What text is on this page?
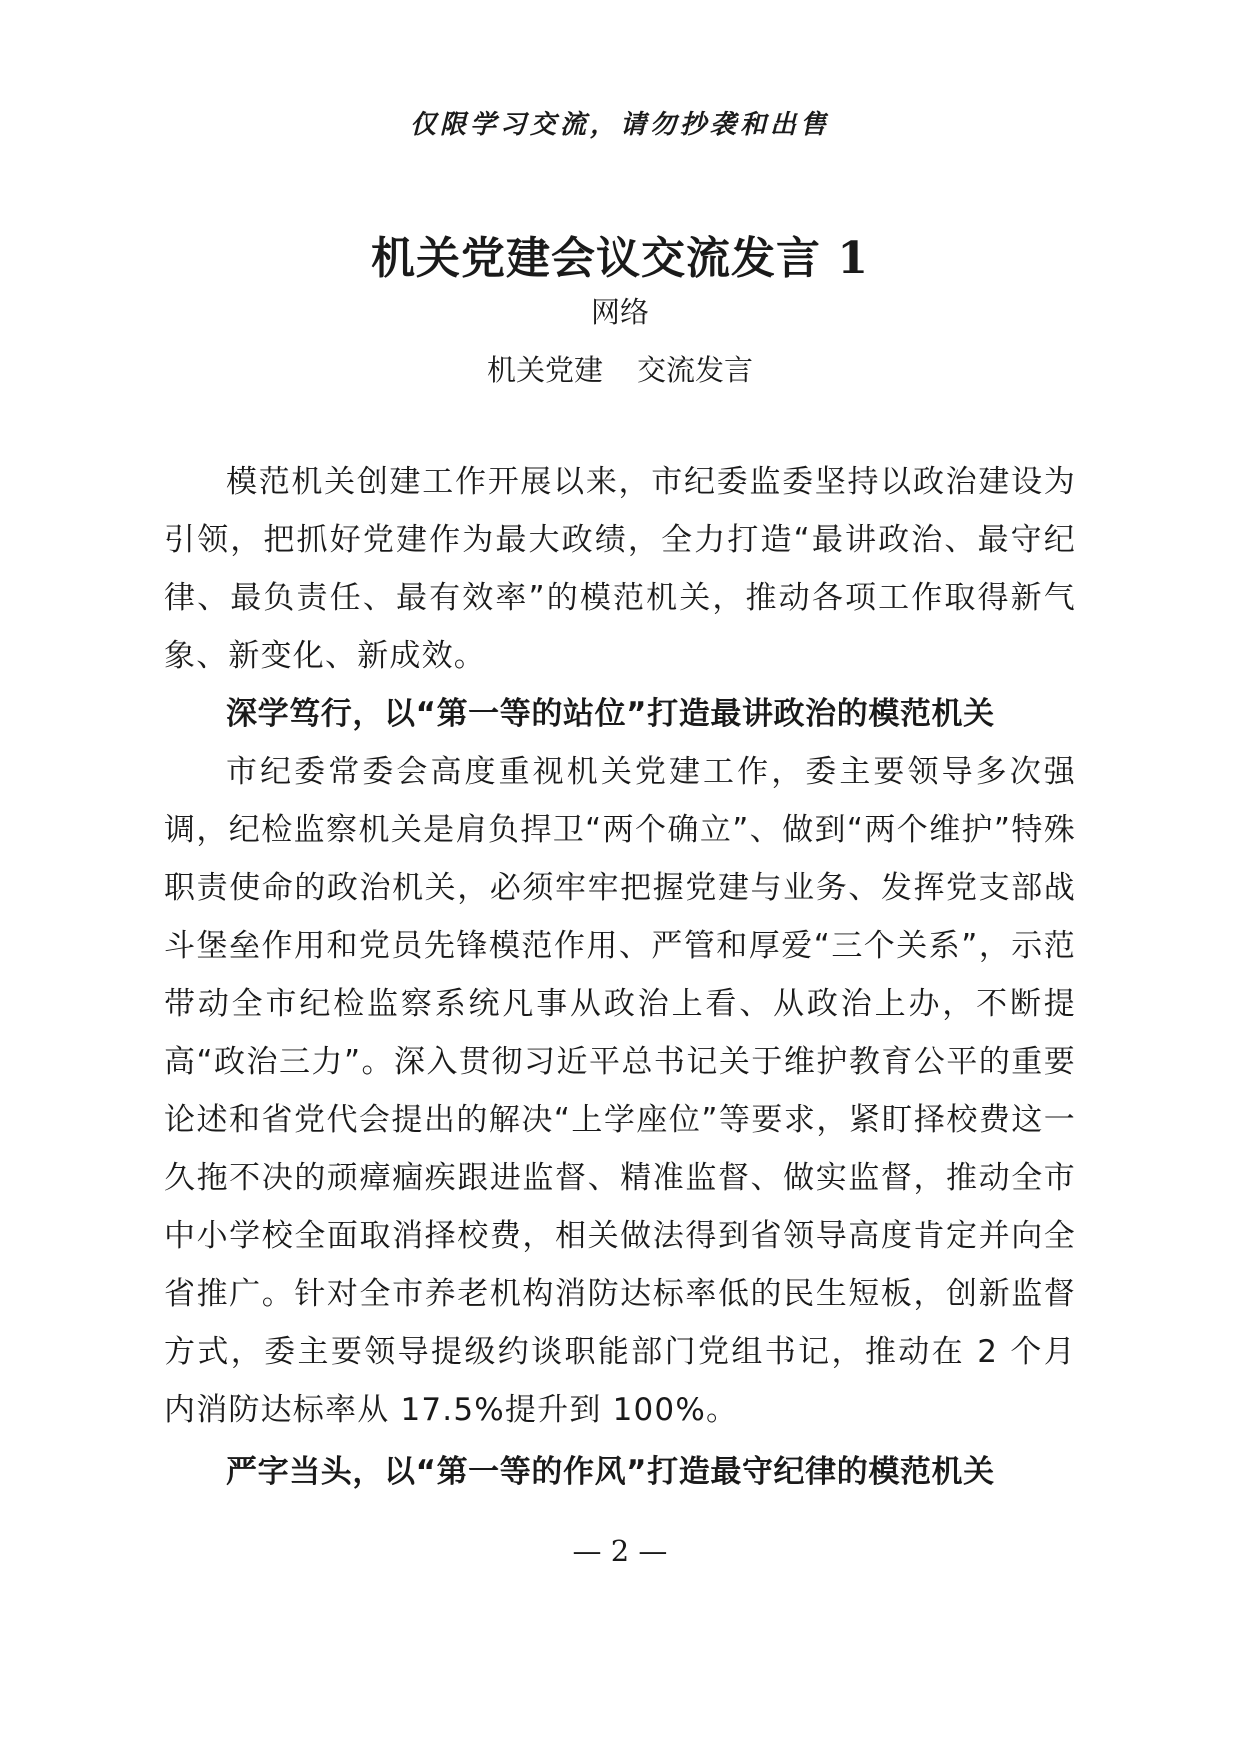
仅限学习交流，请勿抄袭和出售
机关党建会议交流发言 1
网络
机关党建 交流发言

模范机关创建工作开展以来，市纪委监委坚持以政治建设为引领，把抓好党建作为最大政绩，全力打造“最讲政治、最守纪律、最负责任、最有效率”的模范机关，推动各项工作取得新气象、新变化、新成效。

深学笃行，以“第一等的站位”打造最讲政治的模范机关

市纪委常委会高度重视机关党建工作，委主要领导多次强调，纪检监察机关是肩负捍卫“两个确立”、做到“两个维护”特殊职责使命的政治机关，必须牢牢把握党建与业务、发挥党支部战斗堡垒作用和党员先锋模范作用、严管和厚爱“三个关系”，示范带动全市纪检监察系统凡事从政治上看、从政治上办，不断提高“政治三力”。深入贯彻习近平总书记关于维护教育公平的重要论述和省党代会提出的解决“上学座位”等要求，紧盯择校费这一久拖不决的顽瘴痼疾跟进监督、精准监督、做实监督，推动全市中小学校全面取消择校费，相关做法得到省领导高度肯定并向全省推广。针对全市养老机构消防达标率低的民生短板，创新监督方式，委主要领导提级约谈职能部门党组书记，推动在 2 个月内消防达标率从 17.5%提升到 100%。

严字当头，以“第一等的作风”打造最守纪律的模范机关
— 2 —
